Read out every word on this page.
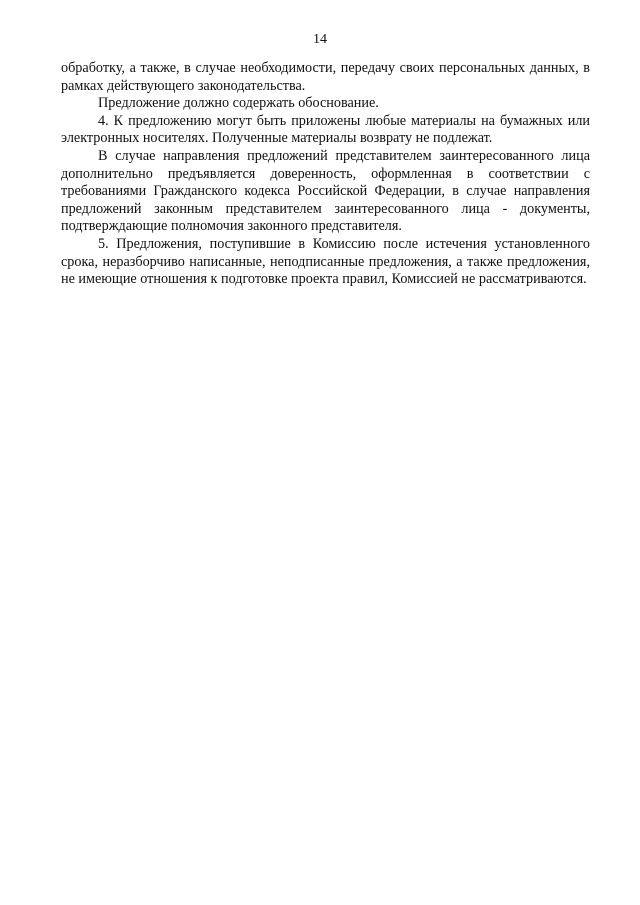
14

обработку, а также, в случае необходимости, передачу своих персональных данных, в рамках действующего законодательства.

Предложение должно содержать обоснование.

4. К предложению могут быть приложены любые материалы на бумажных или электронных носителях. Полученные материалы возврату не подлежат.

В случае направления предложений представителем заинтересованного лица дополнительно предъявляется доверенность, оформленная в соответствии с требованиями Гражданского кодекса Российской Федерации, в случае направления предложений законным представителем заинтересованного лица - документы, подтверждающие полномочия законного представителя.

5. Предложения, поступившие в Комиссию после истечения установленного срока, неразборчиво написанные, неподписанные предложения, а также предложения, не имеющие отношения к подготовке проекта правил, Комиссией не рассматриваются.
